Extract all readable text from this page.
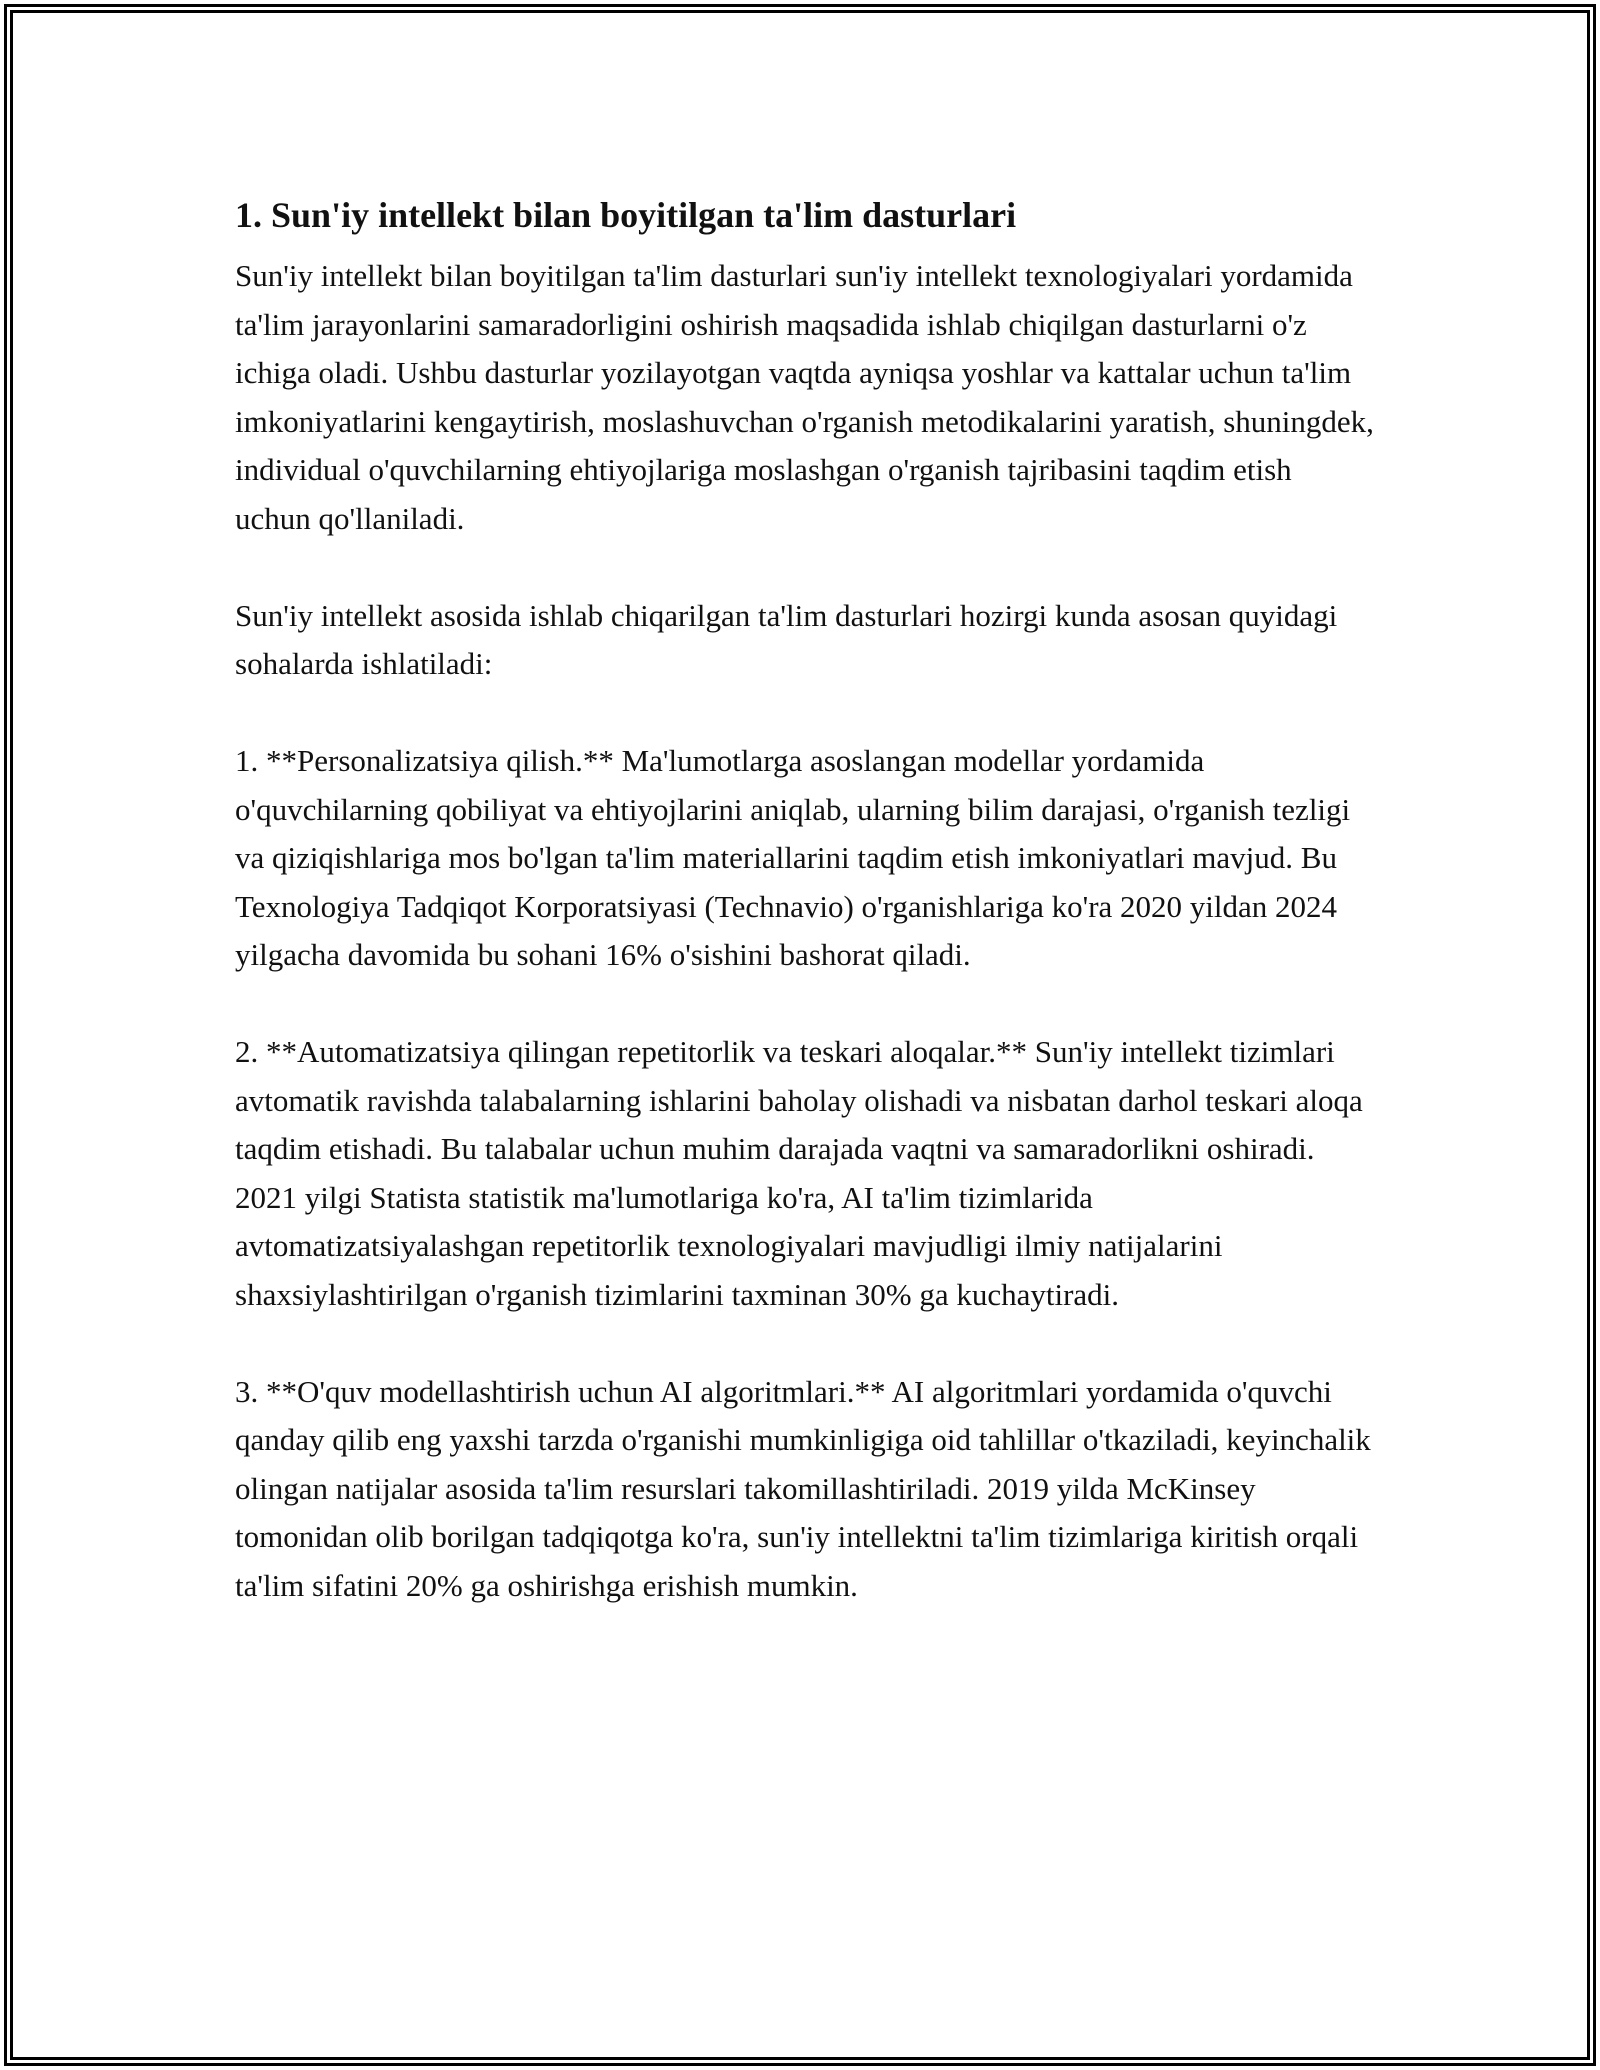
1. Sun'iy intellekt bilan boyitilgan ta'lim dasturlari

Sun'iy intellekt bilan boyitilgan ta'lim dasturlari sun'iy intellekt texnologiyalari yordamida ta'lim jarayonlarini samaradorligini oshirish maqsadida ishlab chiqilgan dasturlarni o'z ichiga oladi. Ushbu dasturlar yozilayotgan vaqtda ayniqsa yoshlar va kattalar uchun ta'lim imkoniyatlarini kengaytirish, moslashuvchan o'rganish metodikalarini yaratish, shuningdek, individual o'quvchilarning ehtiyojlariga moslashgan o'rganish tajribasini taqdim etish uchun qo'llaniladi.

Sun'iy intellekt asosida ishlab chiqarilgan ta'lim dasturlari hozirgi kunda asosan quyidagi sohalarda ishlatiladi:

1. **Personalizatsiya qilish.** Ma'lumotlarga asoslangan modellar yordamida o'quvchilarning qobiliyat va ehtiyojlarini aniqlab, ularning bilim darajasi, o'rganish tezligi va qiziqishlariga mos bo'lgan ta'lim materiallarini taqdim etish imkoniyatlari mavjud. Bu Texnologiya Tadqiqot Korporatsiyasi (Technavio) o'rganishlariga ko'ra 2020 yildan 2024 yilgacha davomida bu sohani 16% o'sishini bashorat qiladi.

2. **Automatizatsiya qilingan repetitorlik va teskari aloqalar.** Sun'iy intellekt tizimlari avtomatik ravishda talabalarning ishlarini baholay olishadi va nisbatan darhol teskari aloqa taqdim etishadi. Bu talabalar uchun muhim darajada vaqtni va samaradorlikni oshiradi. 2021 yilgi Statista statistik ma'lumotlariga ko'ra, AI ta'lim tizimlarida avtomatizatsiyalashgan repetitorlik texnologiyalari mavjudligi ilmiy natijalarini shaxsiylashtirilgan o'rganish tizimlarini taxminan 30% ga kuchaytiradi.

3. **O'quv modellashtirish uchun AI algoritmlari.** AI algoritmlari yordamida o'quvchi qanday qilib eng yaxshi tarzda o'rganishi mumkinligiga oid tahlillar o'tkaziladi, keyinchalik olingan natijalar asosida ta'lim resurslari takomillashtiriladi. 2019 yilda McKinsey tomonidan olib borilgan tadqiqotga ko'ra, sun'iy intellektni ta'lim tizimlariga kiritish orqali ta'lim sifatini 20% ga oshirishga erishish mumkin.
